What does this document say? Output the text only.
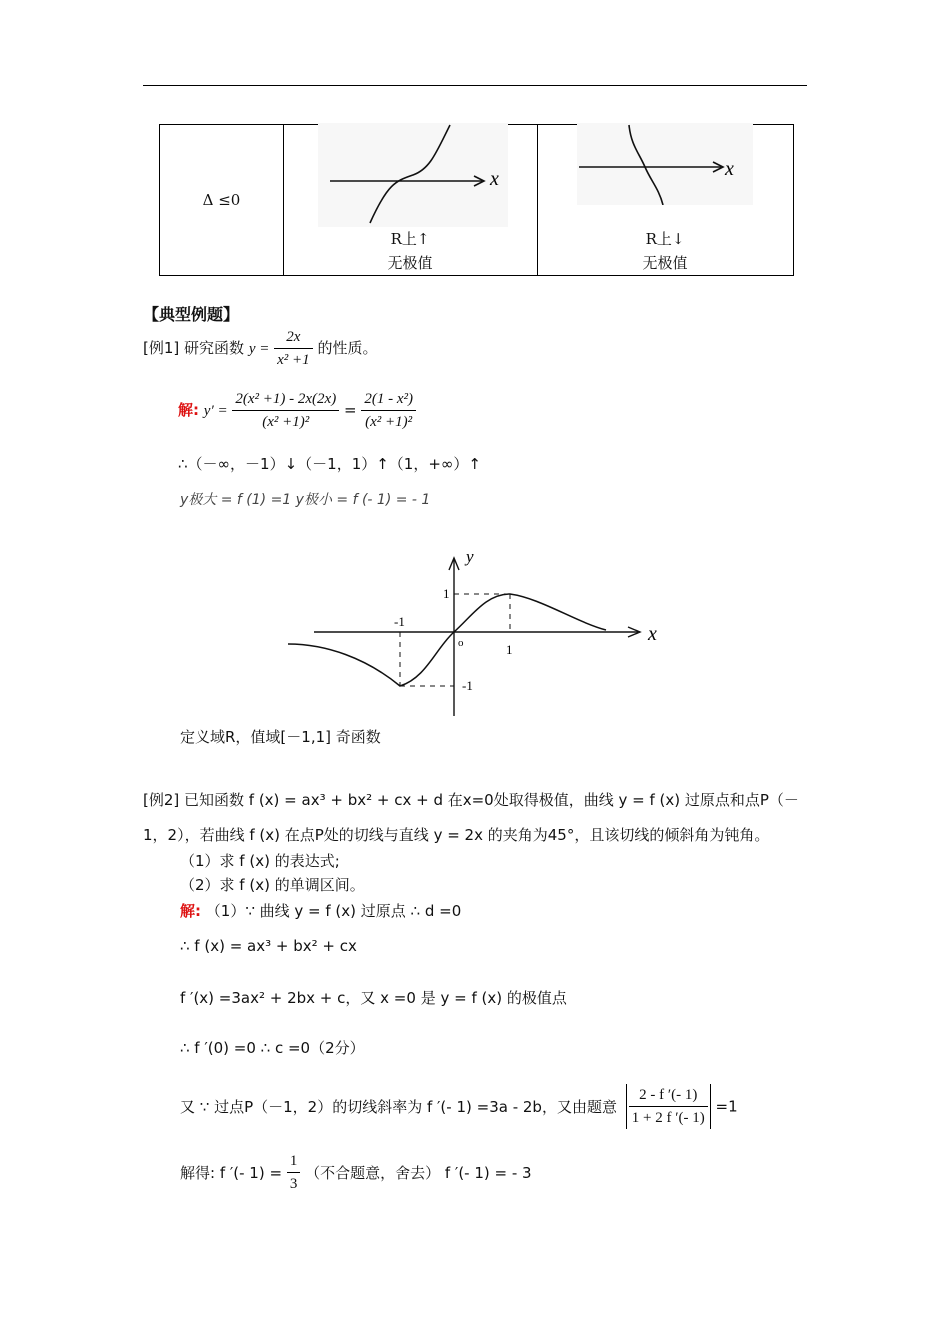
Δ ≤0
x	x
R上↑
无极值
R上↓
无极值
【典型例题】
[例1] 研究函数 $y = \frac{2x}{\text{x² +1}}$ 的性质。
解: $y' = \frac{\text{2(x² +1) - 2x(2x)}}{\text{(x² +1)²}} = \frac{\text{2(1 - x²)}}{\text{(x² +1)²}}$
∴（－∞，－1）↓（－1，1）↑（1，+∞）↑
y极大 = f (1) =1 y极小 = f (- 1) = - 1
x
y
-1
1
1
-1
o
定义域R，值域[－1,1] 奇函数
[例2] 已知函数 f (x) = ax³ + bx² + cx + d 在x=0处取得极值，曲线 y = f (x) 过原点和点P（－
1，2），若曲线 f (x) 在点P处的切线与直线 y = 2x 的夹角为45°，且该切线的倾斜角为钝角。
（1）求 f (x) 的表达式;
（2）求 f (x) 的单调区间。
解: （1）∵ 曲线 y = f (x) 过原点 ∴ d =0
∴ f (x) = ax³ + bx² + cx
f ′(x) =3ax² + 2bx + c，又 x =0 是 y = f (x) 的极值点
∴ f ′(0) =0 ∴ c =0（2分）
又 ∵ 过点P（－1，2）的切线斜率为 f ′(- 1) =3a - 2b，又由题意 $\frac{2 - f '(- 1)}{1 + 2 f '(- 1)} =1$
解得: f ′(- $1) = \frac{1}{3}$ （不合题意，舍去） f ′(- 1) = - 3
